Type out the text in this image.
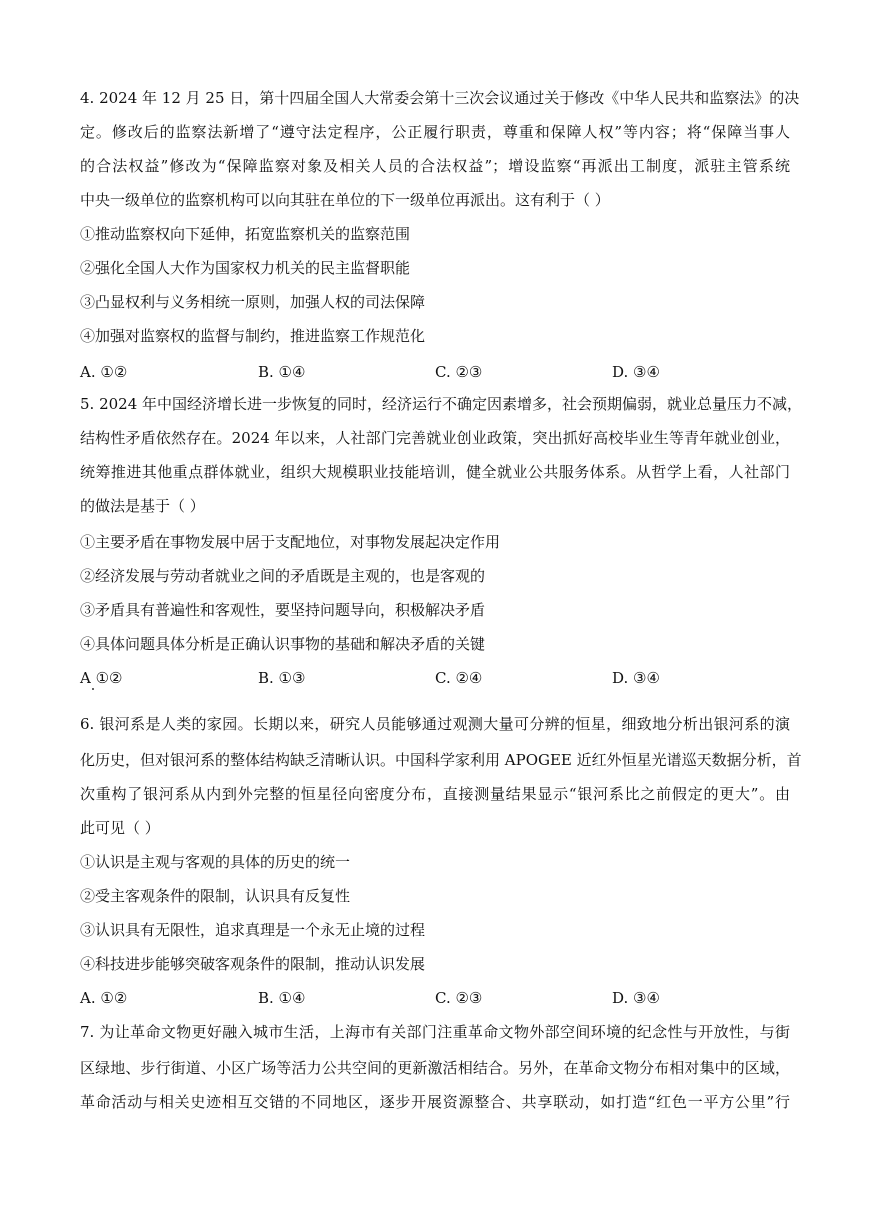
4. 2024 年 12 月 25 日，第十四届全国人大常委会第十三次会议通过关于修改《中华人民共和监察法》的决
定。修改后的监察法新增了“遵守法定程序，公正履行职责，尊重和保障人权”等内容；将“保障当事人
的合法权益”修改为“保障监察对象及相关人员的合法权益”；增设监察“再派出工制度，派驻主管系统
中央一级单位的监察机构可以向其驻在单位的下一级单位再派出。这有利于（ ）
①推动监察权向下延伸，拓宽监察机关的监察范围
②强化全国人大作为国家权力机关的民主监督职能
③凸显权利与义务相统一原则，加强人权的司法保障
④加强对监察权的监督与制约，推进监察工作规范化
A. ①②	B. ①④	C. ②③	D. ③④
5. 2024 年中国经济增长进一步恢复的同时，经济运行不确定因素增多，社会预期偏弱，就业总量压力不减，
结构性矛盾依然存在。2024 年以来，人社部门完善就业创业政策，突出抓好高校毕业生等青年就业创业，
统筹推进其他重点群体就业，组织大规模职业技能培训，健全就业公共服务体系。从哲学上看，人社部门
的做法是基于（ ）
①主要矛盾在事物发展中居于支配地位，对事物发展起决定作用
②经济发展与劳动者就业之间的矛盾既是主观的，也是客观的
③矛盾具有普遍性和客观性，要坚持问题导向，积极解决矛盾
④具体问题具体分析是正确认识事物的基础和解决矛盾的关键
A ①②	B. ①③	C. ②④	D. ③④
6. 银河系是人类的家园。长期以来，研究人员能够通过观测大量可分辨的恒星，细致地分析出银河系的演
化历史，但对银河系的整体结构缺乏清晰认识。中国科学家利用 APOGEE 近红外恒星光谱巡天数据分析，首
次重构了银河系从内到外完整的恒星径向密度分布，直接测量结果显示“银河系比之前假定的更大”。由
此可见（ ）
①认识是主观与客观的具体的历史的统一
②受主客观条件的限制，认识具有反复性
③认识具有无限性，追求真理是一个永无止境的过程
④科技进步能够突破客观条件的限制，推动认识发展
A. ①②	B. ①④	C. ②③	D. ③④
7. 为让革命文物更好融入城市生活，上海市有关部门注重革命文物外部空间环境的纪念性与开放性，与街
区绿地、步行街道、小区广场等活力公共空间的更新激活相结合。另外，在革命文物分布相对集中的区域，
革命活动与相关史迹相互交错的不同地区，逐步开展资源整合、共享联动，如打造“红色一平方公里”行
